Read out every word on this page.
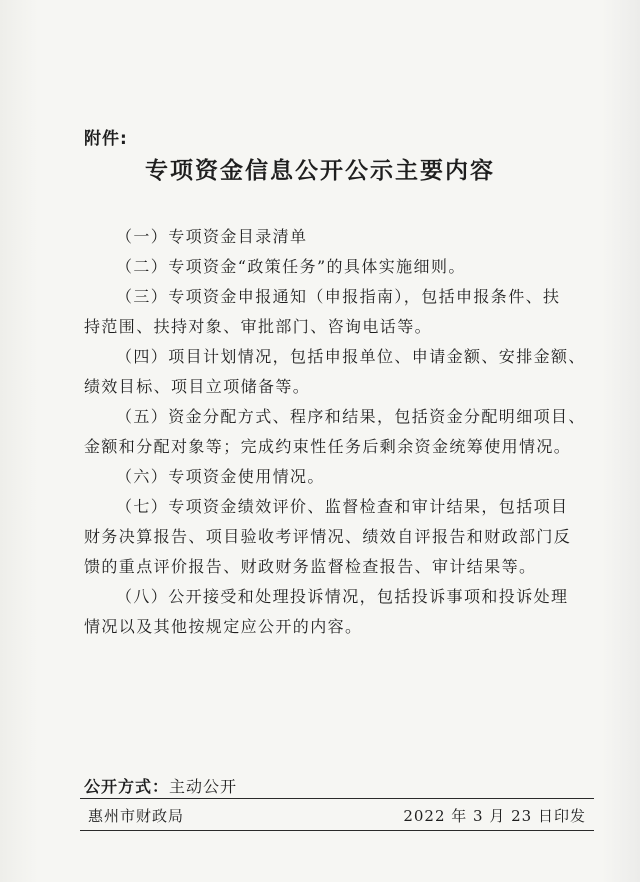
附件:
专项资金信息公开公示主要内容

（一）专项资金目录清单

（二）专项资金“政策任务”的具体实施细则。

（三）专项资金申报通知（申报指南），包括申报条件、扶
持范围、扶持对象、审批部门、咨询电话等。

（四）项目计划情况，包括申报单位、申请金额、安排金额、
绩效目标、项目立项储备等。

（五）资金分配方式、程序和结果，包括资金分配明细项目、
金额和分配对象等；完成约束性任务后剩余资金统筹使用情况。

（六）专项资金使用情况。

（七）专项资金绩效评价、监督检查和审计结果，包括项目
财务决算报告、项目验收考评情况、绩效自评报告和财政部门反
馈的重点评价报告、财政财务监督检查报告、审计结果等。

（八）公开接受和处理投诉情况，包括投诉事项和投诉处理
情况以及其他按规定应公开的内容。

公开方式：主动公开
惠州市财政局	2022 年 3 月 23 日印发
